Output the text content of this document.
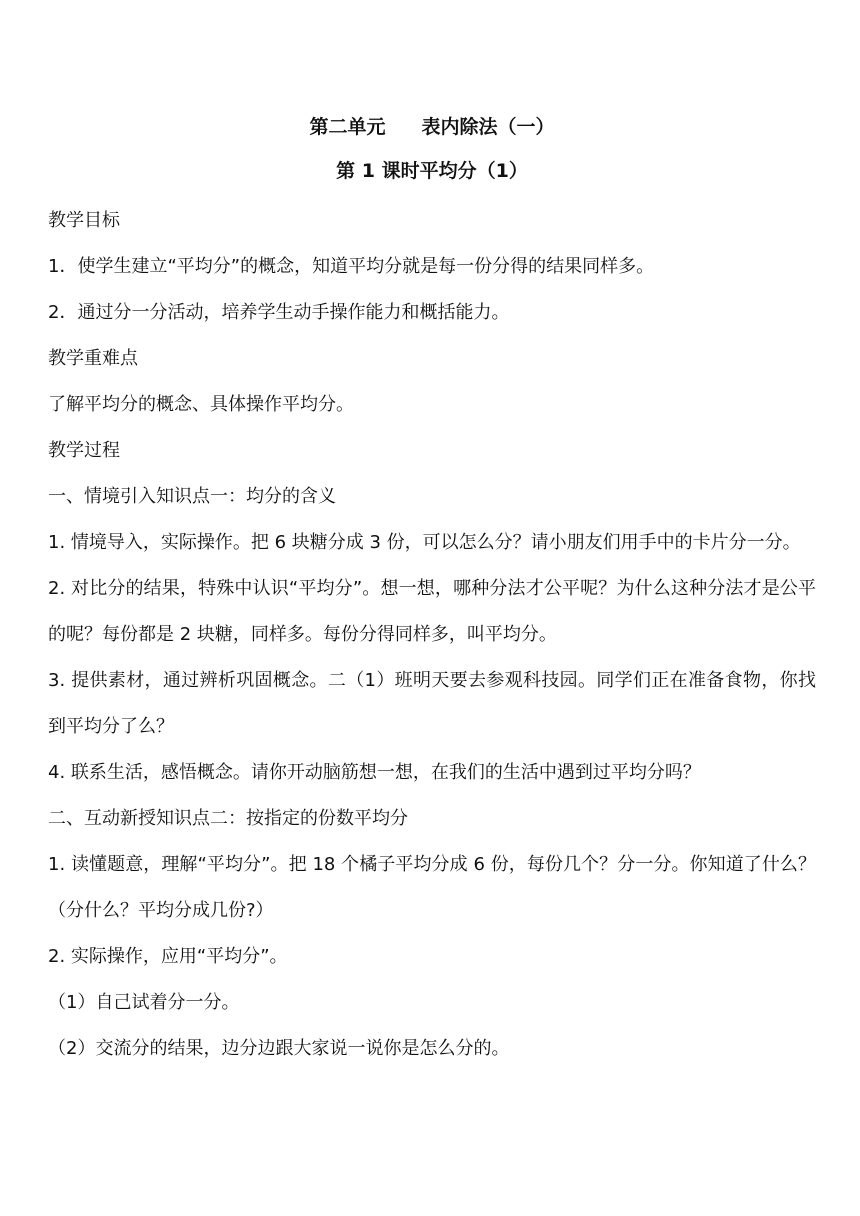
第二单元 表内除法（一）
第 1 课时平均分（1）

教学目标

1．使学生建立“平均分”的概念，知道平均分就是每一份分得的结果同样多。

2．通过分一分活动，培养学生动手操作能力和概括能力。

教学重难点

了解平均分的概念、具体操作平均分。

教学过程

一、情境引入知识点一：均分的含义

1. 情境导入，实际操作。把 6 块糖分成 3 份，可以怎么分？请小朋友们用手中的卡片分一分。

2. 对比分的结果，特殊中认识“平均分”。想一想，哪种分法才公平呢？为什么这种分法才是公平的呢？每份都是 2 块糖，同样多。每份分得同样多，叫平均分。

3. 提供素材，通过辨析巩固概念。二（1）班明天要去参观科技园。同学们正在准备食物，你找到平均分了么？

4. 联系生活，感悟概念。请你开动脑筋想一想，在我们的生活中遇到过平均分吗？

二、互动新授知识点二：按指定的份数平均分

1. 读懂题意，理解“平均分”。把 18 个橘子平均分成 6 份，每份几个？分一分。你知道了什么？（分什么？平均分成几份?）

2. 实际操作，应用“平均分”。

（1）自己试着分一分。

（2）交流分的结果，边分边跟大家说一说你是怎么分的。
